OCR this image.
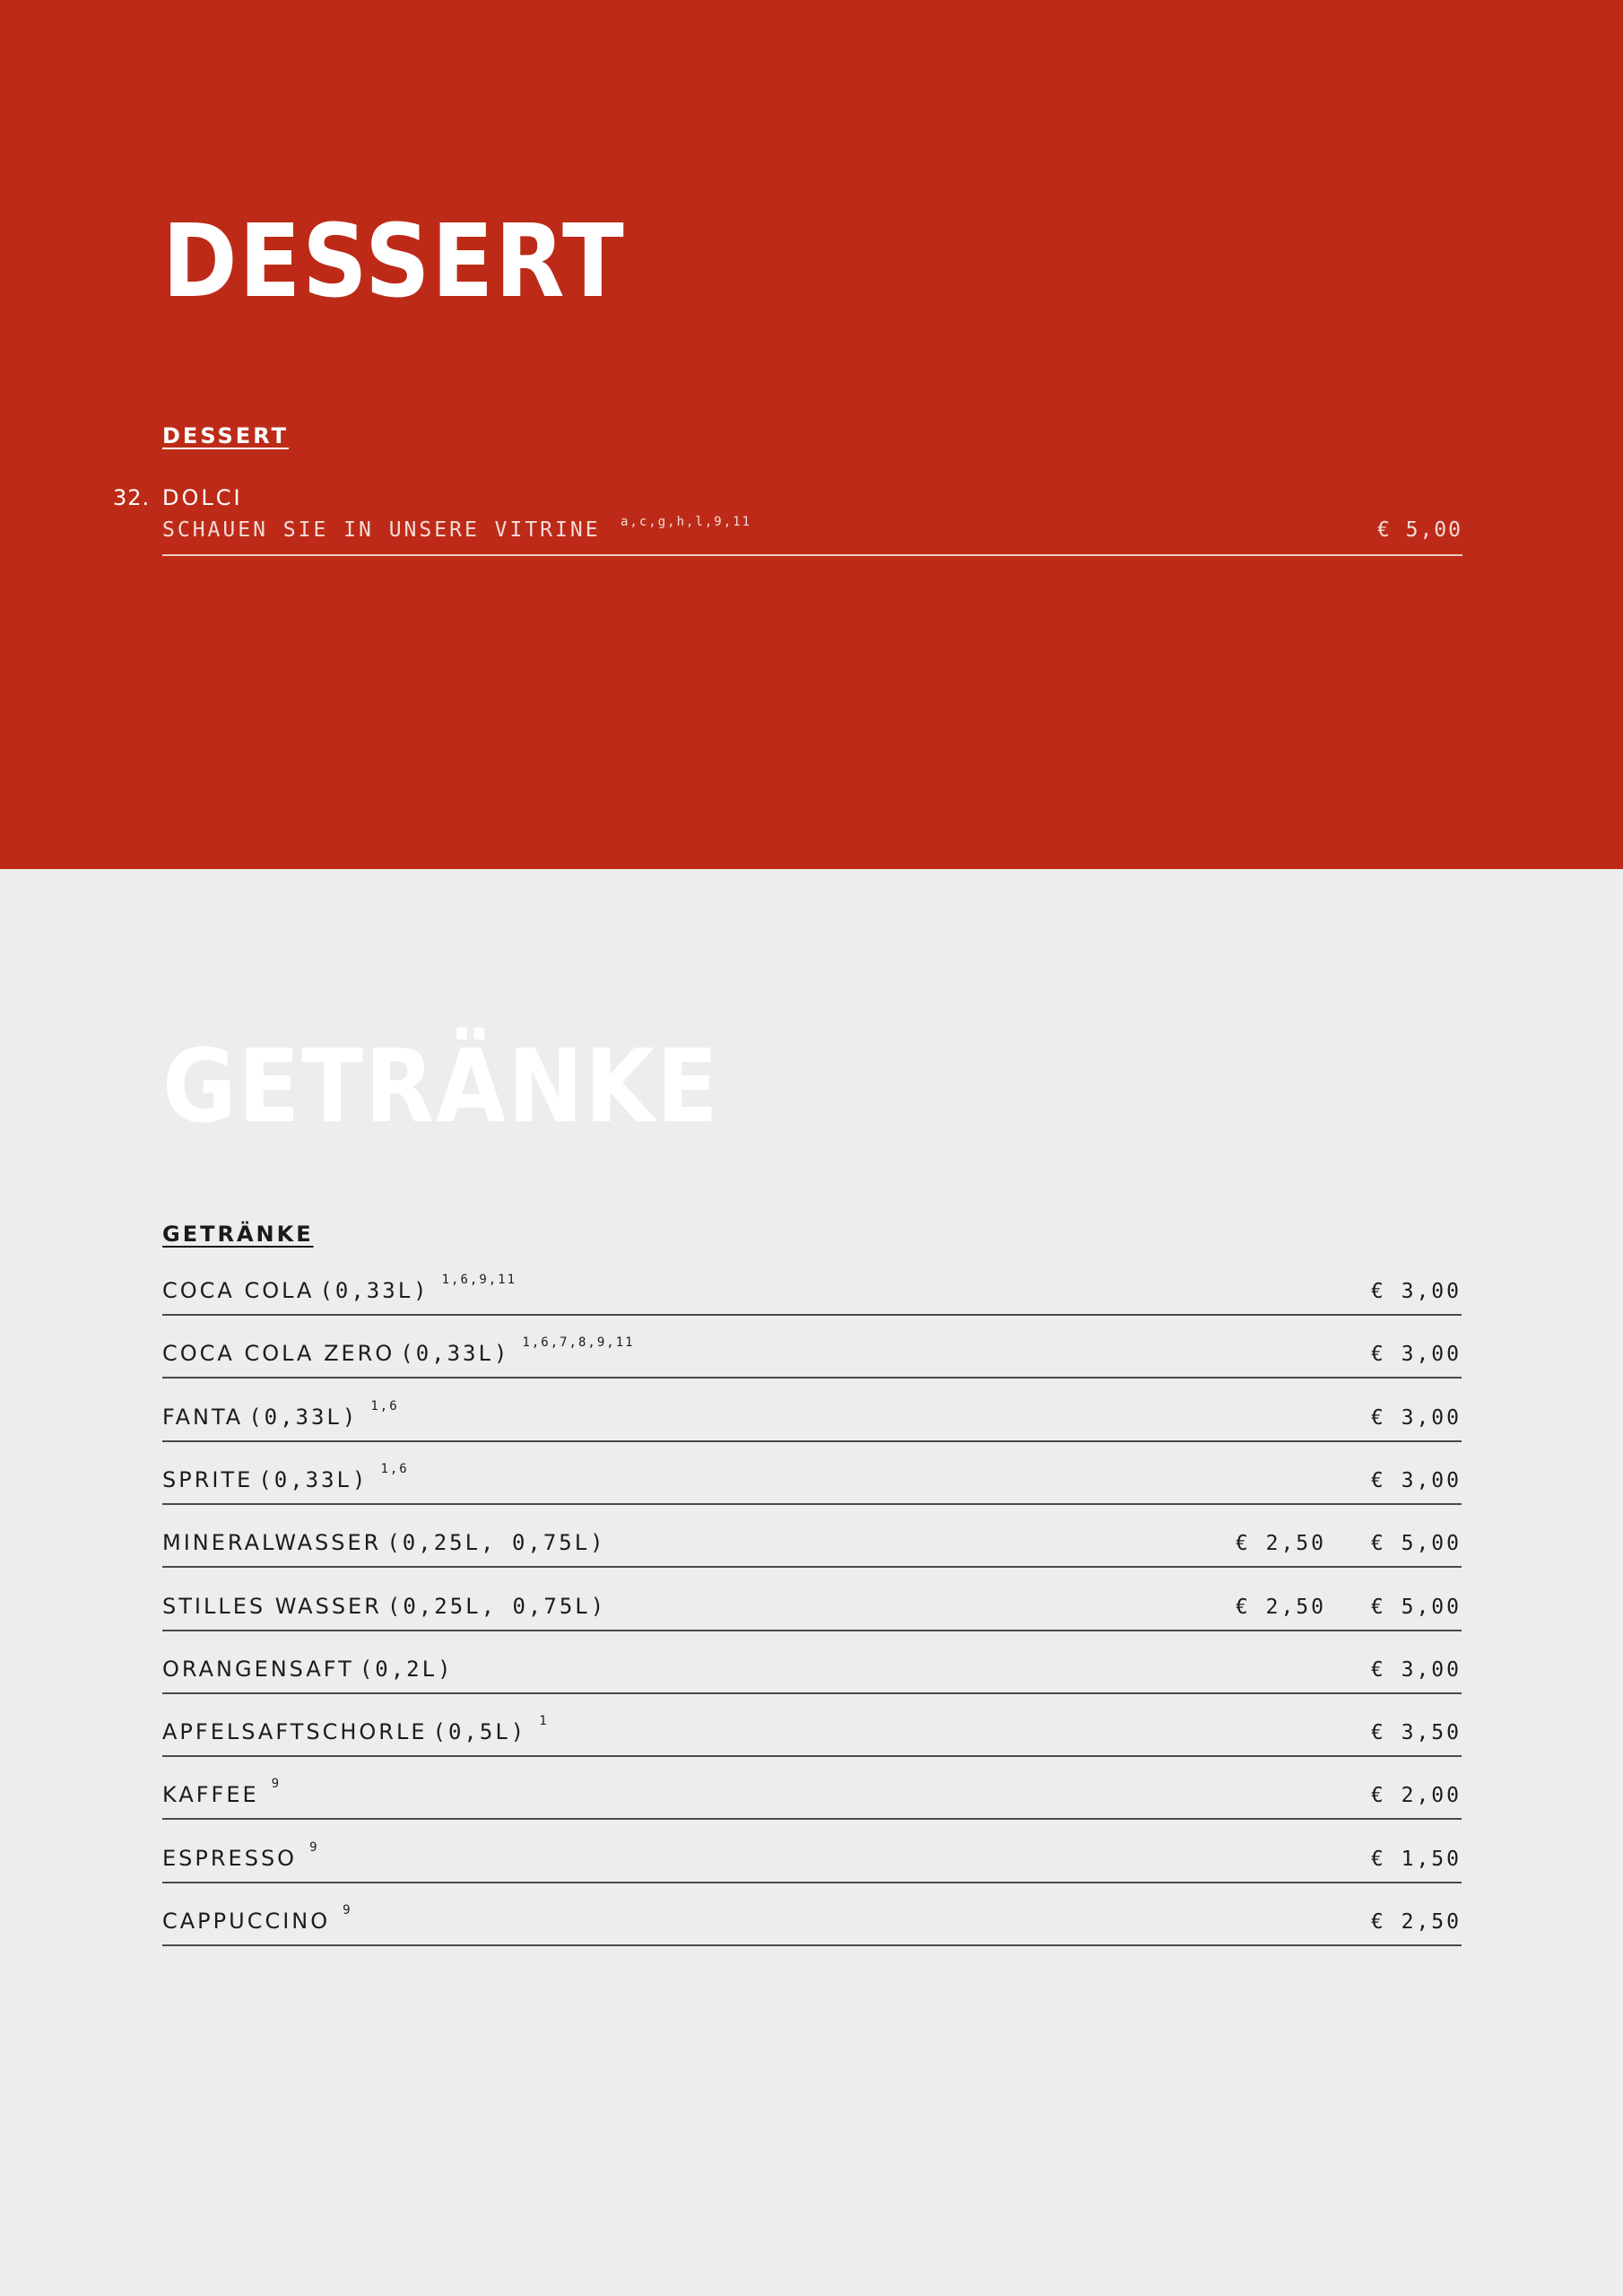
DESSERT
DESSERT
32. DOLCI
SCHAUEN SIE IN UNSERE VITRINE a,c,g,h,l,9,11	€ 5,00
GETRÄNKE
GETRÄNKE
COCA COLA (0,33L) $^{1,6,9,11}$	€ 3,00
COCA COLA ZERO (0,33L) $^{1,6,7,8,9,11}$	€ 3,00
FANTA (0,33L) $^{1,6}$	€ 3,00
SPRITE (0,33L) $^{1,6}$	€ 3,00
MINERALWASSER (0,25L, 0,75L)	€ 2,50 € 5,00
STILLES WASSER (0,25L, 0,75L)	€ 2,50 € 5,00
ORANGENSAFT (0,2L)	€ 3,00
APFELSAFTSCHORLE (0,5L) $^1$	€ 3,50
KAFFEE $^9$	€ 2,00
ESPRESSO $^9$	€ 1,50
CAPPUCCINO $^9$	€ 2,50
